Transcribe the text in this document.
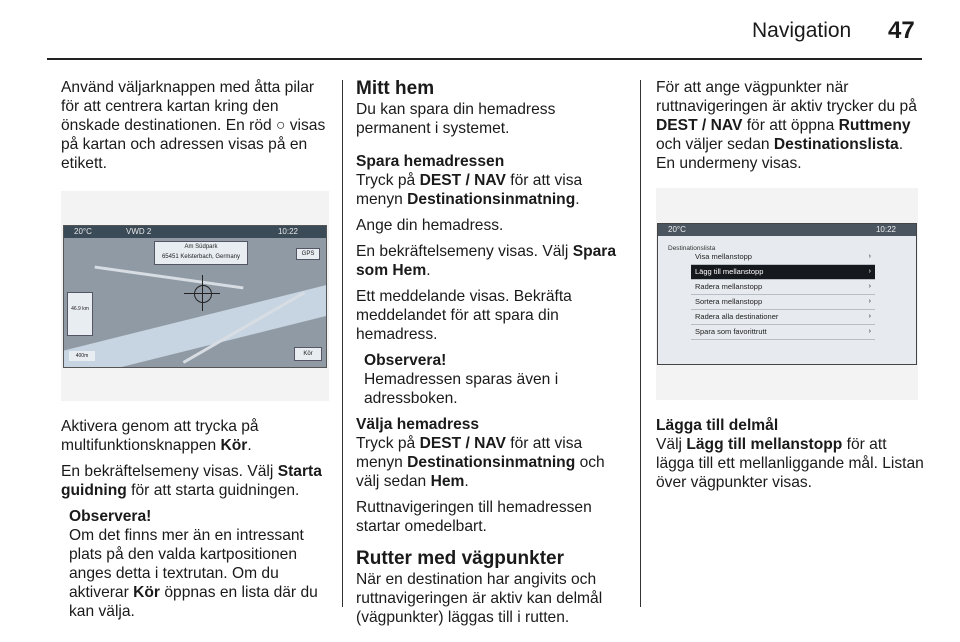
Navigation 47

Använd väljarknappen med åtta pilar för att centrera kartan kring den önskade destinationen. En röd ○ visas på kartan och adressen visas på en etikett.

20°C	VWD 2	10:22
Am Südpark
65451 Kelsterbach, Germany	GPS
46.9 km
400m	Kör

Aktivera genom att trycka på multifunktionsknappen Kör.

En bekräftelsemeny visas. Välj Starta guidning för att starta guidningen.

Observera!
Om det finns mer än en intressant plats på den valda kartpositionen anges detta i textrutan. Om du aktiverar Kör öppnas en lista där du kan välja.
Mitt hem

Du kan spara din hemadress permanent i systemet.

Spara hemadressen

Tryck på DEST / NAV för att visa menyn Destinationsinmatning.

Ange din hemadress.

En bekräftelsemeny visas. Välj Spara som Hem.

Ett meddelande visas. Bekräfta meddelandet för att spara din hemadress.

Observera!
Hemadressen sparas även i adressboken.
Välja hemadress

Tryck på DEST / NAV för att visa menyn Destinationsinmatning och välj sedan Hem.

Ruttnavigeringen till hemadressen startar omedelbart.

Rutter med vägpunkter

När en destination har angivits och ruttnavigeringen är aktiv kan delmål (vägpunkter) läggas till i rutten.

För att ange vägpunkter när ruttnavigeringen är aktiv trycker du på DEST / NAV för att öppna Ruttmeny och väljer sedan Destinationslista. En undermeny visas.

20°C	10:22
Destinationslista
Visa mellanstopp	›
Lägg till mellanstopp	›
Radera mellanstopp	›
Sortera mellanstopp	›
Radera alla destinationer	›
Spara som favorittrutt	›
Lägga till delmål

Välj Lägg till mellanstopp för att lägga till ett mellanliggande mål. Listan över vägpunkter visas.
